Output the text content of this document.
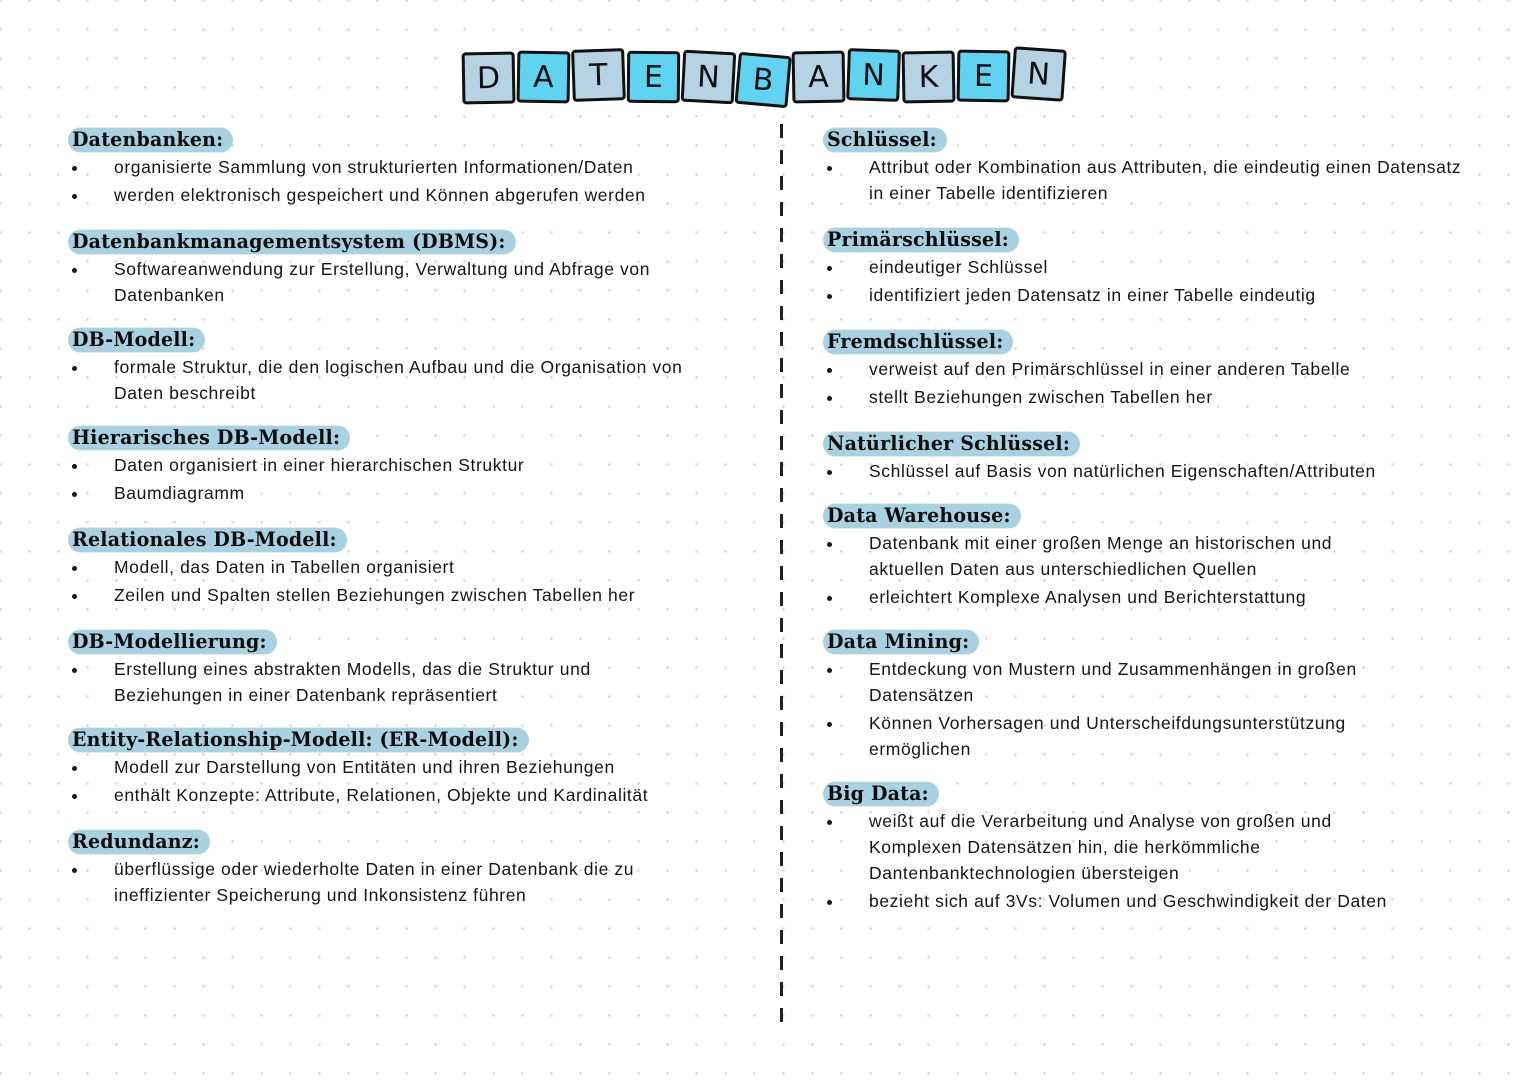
D	A	T	E	N	B	A	N	K	E	N
Datenbanken:
organisierte Sammlung von strukturierten Informationen/Daten
werden elektronisch gespeichert und Können abgerufen werden
Datenbankmanagementsystem (DBMS):
Softwareanwendung zur Erstellung, Verwaltung und Abfrage von Datenbanken
DB-Modell:
formale Struktur, die den logischen Aufbau und die Organisation von Daten beschreibt
Hierarisches DB-Modell:
Daten organisiert in einer hierarchischen Struktur
Baumdiagramm
Relationales DB-Modell:
Modell, das Daten in Tabellen organisiert
Zeilen und Spalten stellen Beziehungen zwischen Tabellen her
DB-Modellierung:
Erstellung eines abstrakten Modells, das die Struktur und Beziehungen in einer Datenbank repräsentiert
Entity-Relationship-Modell: (ER-Modell):
Modell zur Darstellung von Entitäten und ihren Beziehungen
enthält Konzepte: Attribute, Relationen, Objekte und Kardinalität
Redundanz:
überflüssige oder wiederholte Daten in einer Datenbank die zu ineffizienter Speicherung und Inkonsistenz führen
Schlüssel:
Attribut oder Kombination aus Attributen, die eindeutig einen Datensatz in einer Tabelle identifizieren
Primärschlüssel:
eindeutiger Schlüssel
identifiziert jeden Datensatz in einer Tabelle eindeutig
Fremdschlüssel:
verweist auf den Primärschlüssel in einer anderen Tabelle
stellt Beziehungen zwischen Tabellen her
Natürlicher Schlüssel:
Schlüssel auf Basis von natürlichen Eigenschaften/Attributen
Data Warehouse:
Datenbank mit einer großen Menge an historischen und aktuellen Daten aus unterschiedlichen Quellen
erleichtert Komplexe Analysen und Berichterstattung
Data Mining:
Entdeckung von Mustern und Zusammenhängen in großen Datensätzen
Können Vorhersagen und Unterscheifdungsunterstützung ermöglichen
Big Data:
weißt auf die Verarbeitung und Analyse von großen und Komplexen Datensätzen hin, die herkömmliche Dantenbanktechnologien übersteigen
bezieht sich auf 3Vs: Volumen und Geschwindigkeit der Daten
